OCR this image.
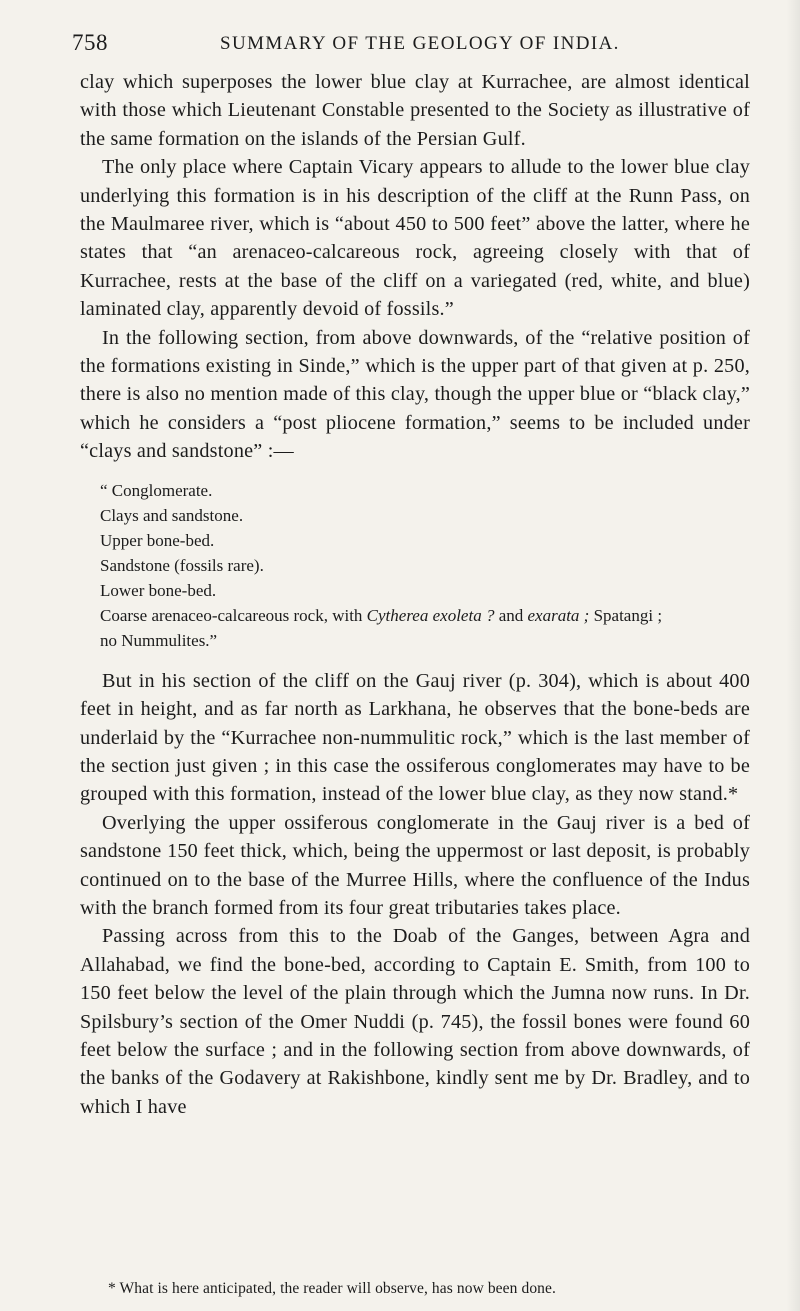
758	SUMMARY OF THE GEOLOGY OF INDIA.

clay which superposes the lower blue clay at Kurrachee, are almost identical with those which Lieutenant Constable presented to the Society as illustrative of the same formation on the islands of the Persian Gulf.

The only place where Captain Vicary appears to allude to the lower blue clay underlying this formation is in his description of the cliff at the Runn Pass, on the Maulmaree river, which is “about 450 to 500 feet” above the latter, where he states that “an arenaceo-calcareous rock, agreeing closely with that of Kurrachee, rests at the base of the cliff on a variegated (red, white, and blue) laminated clay, apparently devoid of fossils.”

In the following section, from above downwards, of the “relative position of the formations existing in Sinde,” which is the upper part of that given at p. 250, there is also no mention made of this clay, though the upper blue or “black clay,” which he considers a “post pliocene formation,” seems to be included under “clays and sandstone” :—

“ Conglomerate.

Clays and sandstone.

Upper bone-bed.

Sandstone (fossils rare).

Lower bone-bed.

Coarse arenaceo-calcareous rock, with Cytherea exoleta ? and exarata ; Spatangi ;

no Nummulites.”

But in his section of the cliff on the Gauj river (p. 304), which is about 400 feet in height, and as far north as Larkhana, he observes that the bone-beds are underlaid by the “Kurrachee non-nummulitic rock,” which is the last member of the section just given ; in this case the ossiferous conglomerates may have to be grouped with this formation, instead of the lower blue clay, as they now stand.*

Overlying the upper ossiferous conglomerate in the Gauj river is a bed of sandstone 150 feet thick, which, being the uppermost or last deposit, is probably continued on to the base of the Murree Hills, where the confluence of the Indus with the branch formed from its four great tributaries takes place.

Passing across from this to the Doab of the Ganges, between Agra and Allahabad, we find the bone-bed, according to Captain E. Smith, from 100 to 150 feet below the level of the plain through which the Jumna now runs. In Dr. Spilsbury’s section of the Omer Nuddi (p. 745), the fossil bones were found 60 feet below the surface ; and in the following section from above downwards, of the banks of the Godavery at Rakishbone, kindly sent me by Dr. Bradley, and to which I have

* What is here anticipated, the reader will observe, has now been done.
